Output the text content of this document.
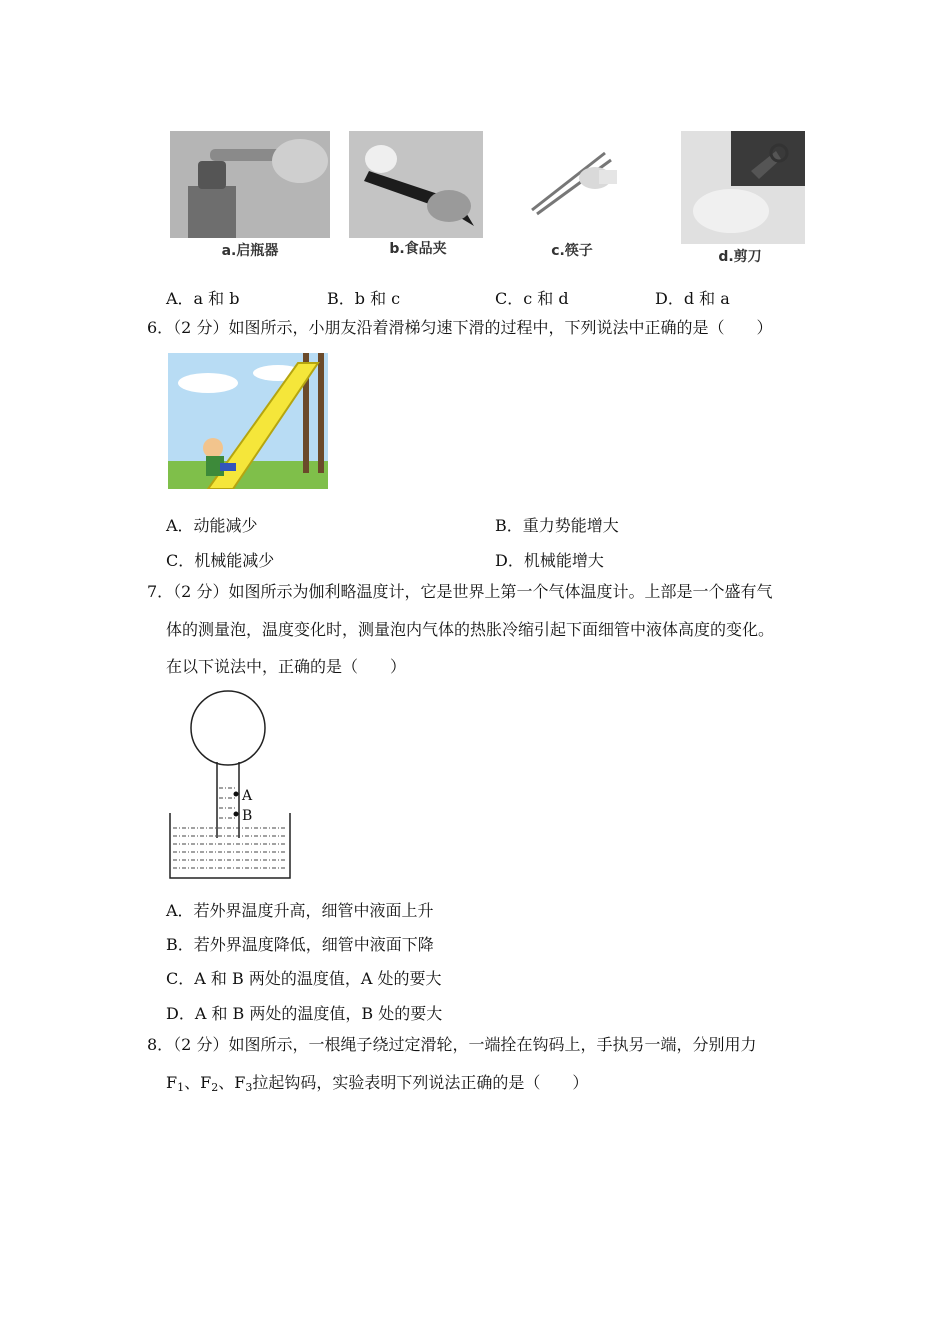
a.启瓶器	b.食品夹	c.筷子	d.剪刀
A．a 和 b	B．b 和 c	C．c 和 d	D．d 和 a
6．（2 分）如图所示，小朋友沿着滑梯匀速下滑的过程中，下列说法中正确的是（　　）
A．动能减少	B．重力势能增大
C．机械能减少	D．机械能增大
7．（2 分）如图所示为伽利略温度计，它是世界上第一个气体温度计。上部是一个盛有气
体的测量泡，温度变化时，测量泡内气体的热胀冷缩引起下面细管中液体高度的变化。
在以下说法中，正确的是（　　）
A
B
A．若外界温度升高，细管中液面上升
B．若外界温度降低，细管中液面下降
C．A 和 B 两处的温度值，A 处的要大
D．A 和 B 两处的温度值，B 处的要大
8．（2 分）如图所示，一根绳子绕过定滑轮，一端拴在钩码上，手执另一端，分别用力
$F_1$、$F_2$、$F_3$拉起钩码，实验表明下列说法正确的是（　　）
